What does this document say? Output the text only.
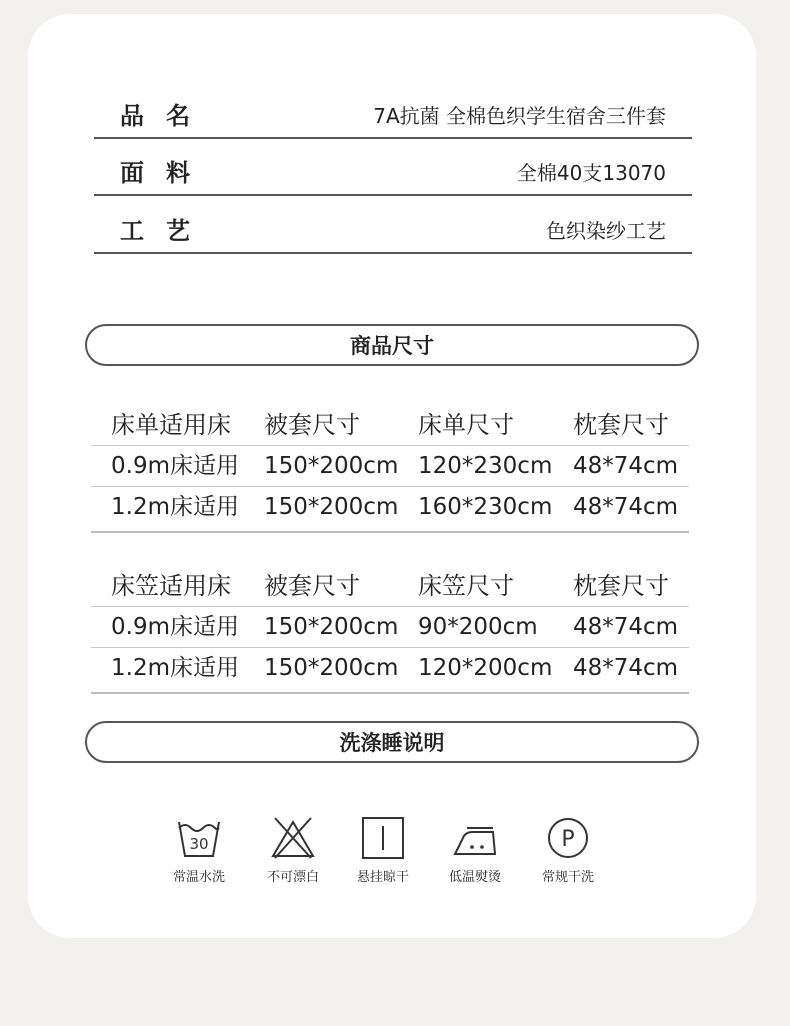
品名	7A抗菌 全棉色织学生宿舍三件套
面料	全棉40支13070
工艺	色织染纱工艺
商品尺寸
床单适用床 被套尺寸 床单尺寸 枕套尺寸
0.9m床适用 150*200cm 120*230cm 48*74cm
1.2m床适用 150*200cm 160*230cm 48*74cm
床笠适用床 被套尺寸 床笠尺寸 枕套尺寸
0.9m床适用 150*200cm 90*200cm 48*74cm
1.2m床适用 150*200cm 120*200cm 48*74cm
洗涤睡说明
30
常温水洗	不可漂白	悬挂晾干	低温熨烫
P
常规干洗
